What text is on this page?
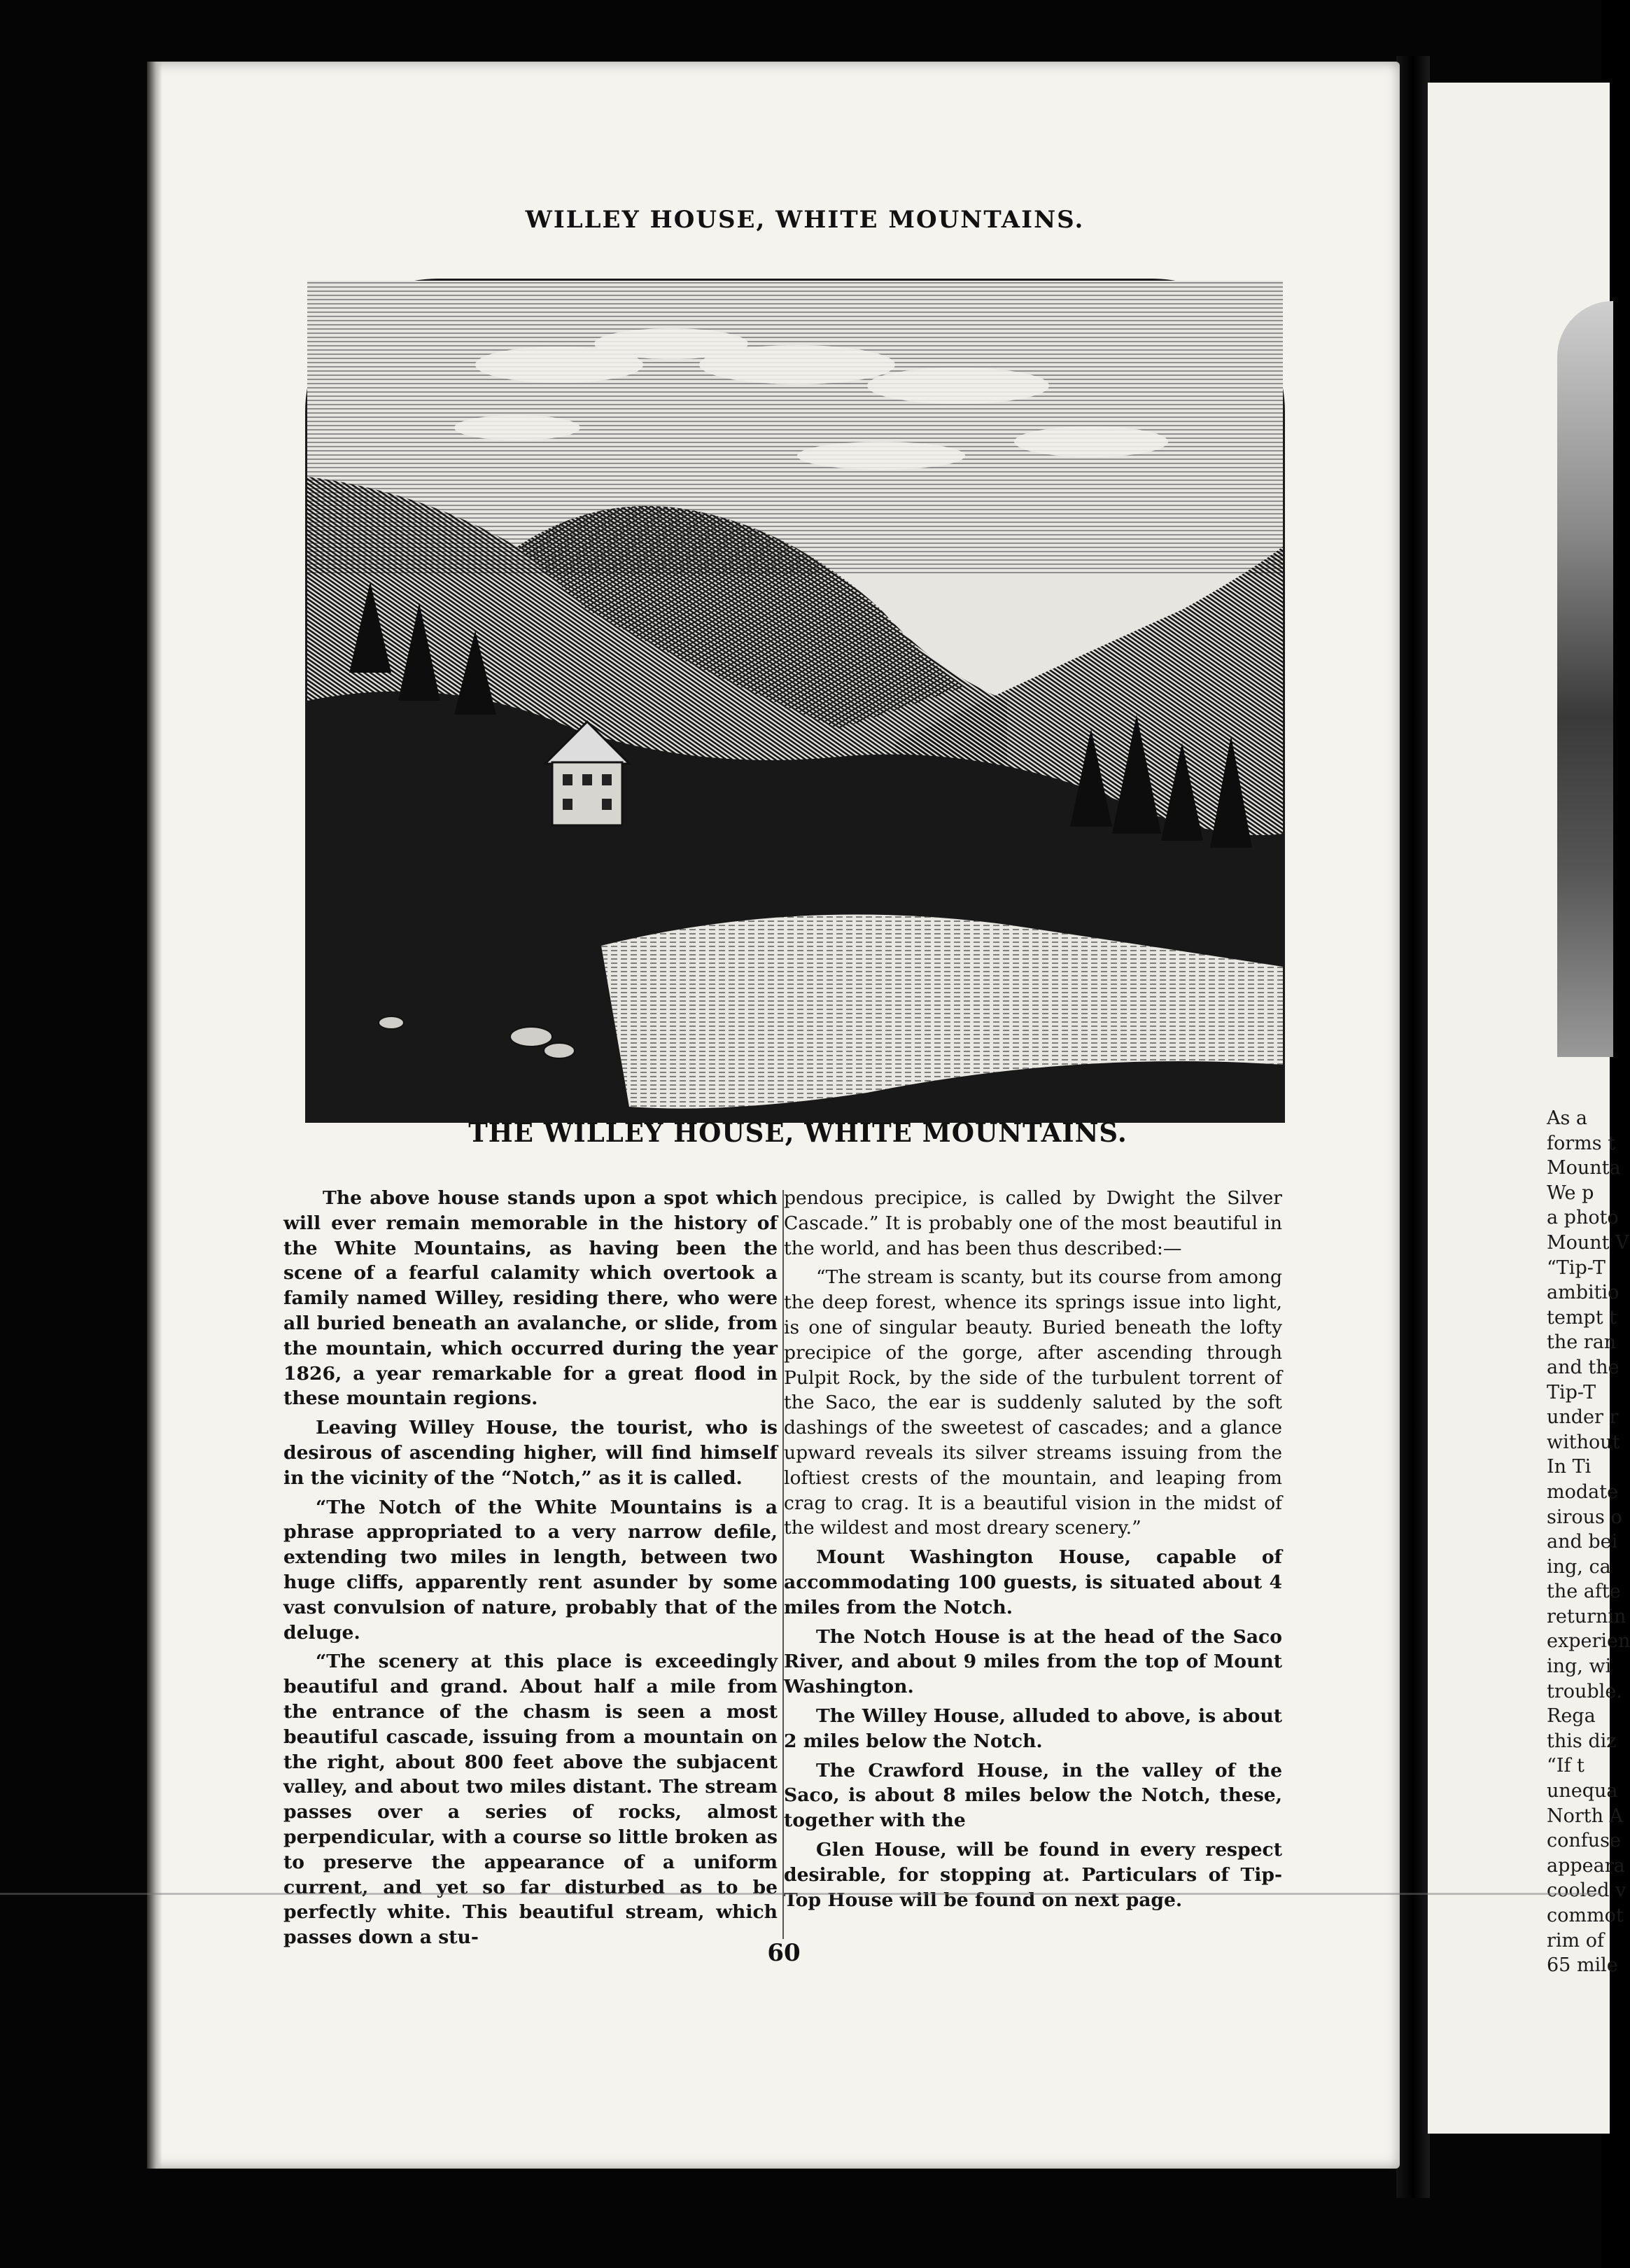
As a
forms t
Mounta
We p
a photo
Mount V
“Tip-T
ambitio
tempt t
the ran
and the
Tip-T
under r
without
In Ti
modate
sirous o
and bei
ing, ca
the afte
returnin
experien
ing, wi
trouble.
Rega
this diz
“If t
unequa
North A
confuse
appeara
cooled v
commot
rim of
65 mile
WILLEY HOUSE, WHITE MOUNTAINS.
THE WILLEY HOUSE, WHITE MOUNTAINS.

The above house stands upon a spot which will ever remain memorable in the history of the White Mountains, as having been the scene of a fearful calamity which overtook a family named Willey, residing there, who were all buried beneath an avalanche, or slide, from the mountain, which occurred during the year 1826, a year remarkable for a great flood in these mountain regions.

Leaving Willey House, the tourist, who is desirous of ascending higher, will find himself in the vicinity of the “Notch,” as it is called.

“The Notch of the White Mountains is a phrase appropriated to a very narrow defile, extending two miles in length, between two huge cliffs, apparently rent asunder by some vast convulsion of nature, probably that of the deluge.

“The scenery at this place is exceedingly beautiful and grand. About half a mile from the entrance of the chasm is seen a most beautiful cascade, issuing from a mountain on the right, about 800 feet above the subjacent valley, and about two miles distant. The stream passes over a series of rocks, almost perpendicular, with a course so little broken as to preserve the appearance of a uniform current, and yet so far disturbed as to be perfectly white. This beautiful stream, which passes down a stu-

pendous precipice, is called by Dwight the Silver Cascade.” It is probably one of the most beautiful in the world, and has been thus described:—

“The stream is scanty, but its course from among the deep forest, whence its springs issue into light, is one of singular beauty. Buried beneath the lofty precipice of the gorge, after ascending through Pulpit Rock, by the side of the turbulent torrent of the Saco, the ear is suddenly saluted by the soft dashings of the sweetest of cascades; and a glance upward reveals its silver streams issuing from the loftiest crests of the mountain, and leaping from crag to crag. It is a beautiful vision in the midst of the wildest and most dreary scenery.”

Mount Washington House, capable of accommodating 100 guests, is situated about 4 miles from the Notch.

The Notch House is at the head of the Saco River, and about 9 miles from the top of Mount Washington.

The Willey House, alluded to above, is about 2 miles below the Notch.

The Crawford House, in the valley of the Saco, is about 8 miles below the Notch, these, together with the

Glen House, will be found in every respect desirable, for stopping at. Particulars of Tip-Top House will be found on next page.

60
